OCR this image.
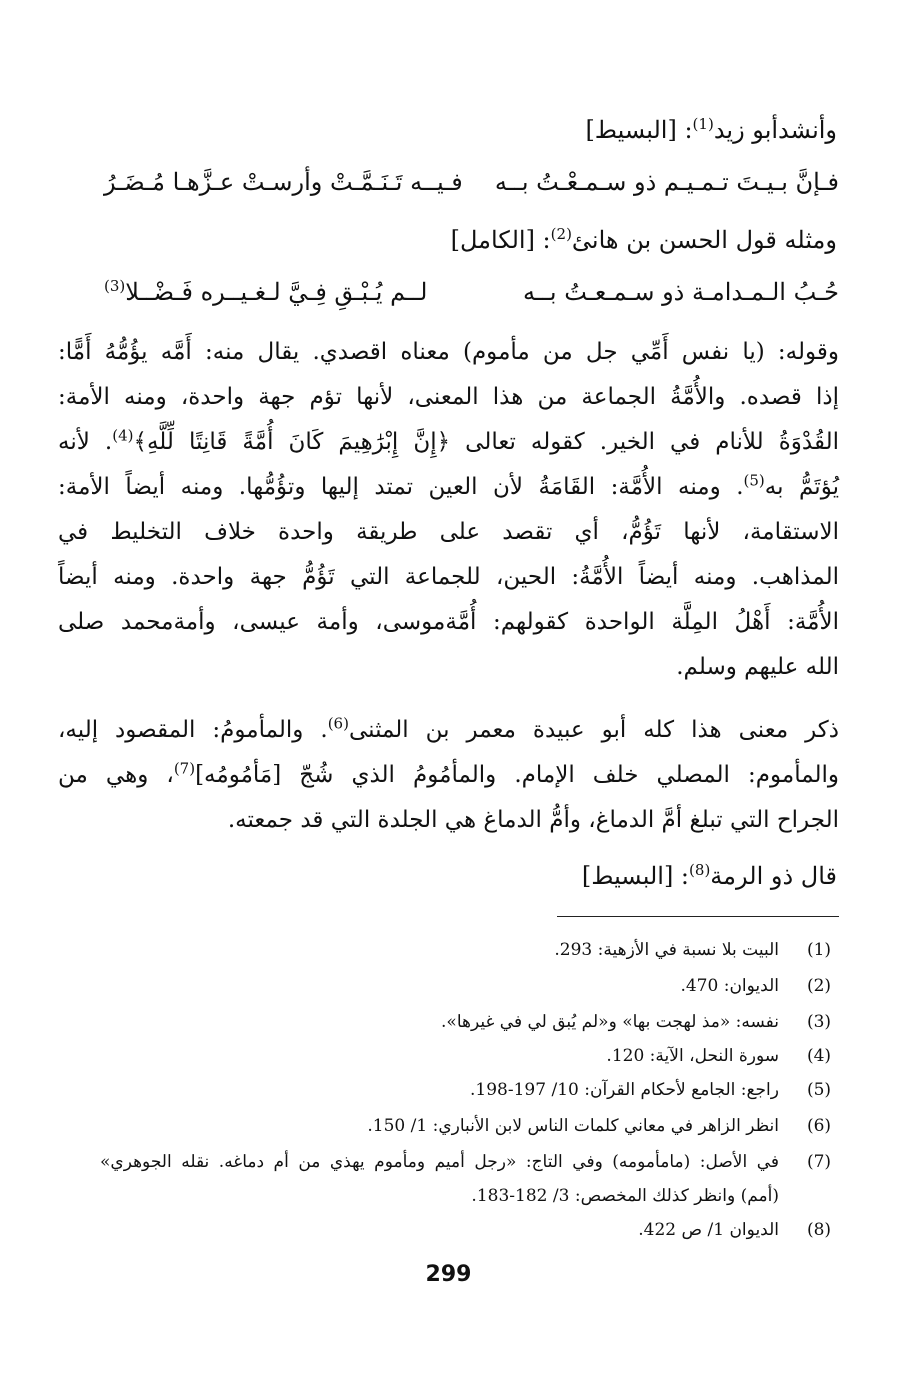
وأنشدأبو زيد$^{(1)}$: [البسيط]
فـإنَّ بـيـتَ تـمـيـم ذو سـمـعْـتُ بــه
فـيــه تَـنَـمَّـتْ وأرسـتْ عـزَّهـا مُـضَـرُ
ومثله قول الحسن بن هانئ$^{(2)}$: [الكامل]
حُـبُ الـمـدامـة ذو سـمـعـتُ بــه
لــم يُـبْـقِ فِـيَّ لـغـيــره فَـضْــلا$^{(3)}$
وقوله: (يا نفس أَمِّي جل من مأموم) معناه اقصدي. يقال منه: أَمَّه يؤُمُّهُ أَمًّا:
إذا قصده. والأُمَّةُ الجماعة من هذا المعنى، لأنها تؤم جهة واحدة، ومنه الأمة:
القُدْوَةُ للأنام في الخير. كقوله تعالى ﴿إِنَّ إِبْرَٰهِيمَ كَانَ أُمَّةً قَانِتًا لِّلَّهِ﴾$^{(4)}$. لأنه
يُؤتَمُّ به$^{(5)}$. ومنه الأُمَّة: القَامَةُ لأن العين تمتد إليها وتؤُمُّها. ومنه أيضاً الأمة:
الاستقامة، لأنها تَؤُمُّ، أي تقصد على طريقة واحدة خلاف التخليط في
المذاهب. ومنه أيضاً الأُمَّةُ: الحين، للجماعة التي تَؤُمُّ جهة واحدة. ومنه أيضاً
الأُمَّة: أَهْلُ المِلَّة الواحدة كقولهم: أُمَّةموسى، وأمة عيسى، وأمةمحمد صلى
الله عليهم وسلم.
ذكر معنى هذا كله أبو عبيدة معمر بن المثنى$^{(6)}$. والمأمومُ: المقصود إليه،
والمأموم: المصلي خلف الإمام. والمأمُومُ الذي شُجّ [مَأمُومُه]$^{(7)}$، وهي من
الجراح التي تبلغ أمَّ الدماغ، وأمُّ الدماغ هي الجلدة التي قد جمعته.
قال ذو الرمة$^{(8)}$: [البسيط]
(1)
البيت بلا نسبة في الأزهية: 293.
(2)
الديوان: 470.
(3)
نفسه: «مذ لهجت بها» و«لم يُبق لي في غيرها».
(4)
سورة النحل، الآية: 120.
(5)
راجع: الجامع لأحكام القرآن: 10/ 197-198.
(6)
انظر الزاهر في معاني كلمات الناس لابن الأنباري: 1/ 150.
(7)
في الأصل: (مامأمومه) وفي التاج: «رجل أميم ومأموم يهذي من أم دماغه. نقله الجوهري»
(أمم) وانظر كذلك المخصص: 3/ 182-183.
(8)
الديوان 1/ ص 422.
299
